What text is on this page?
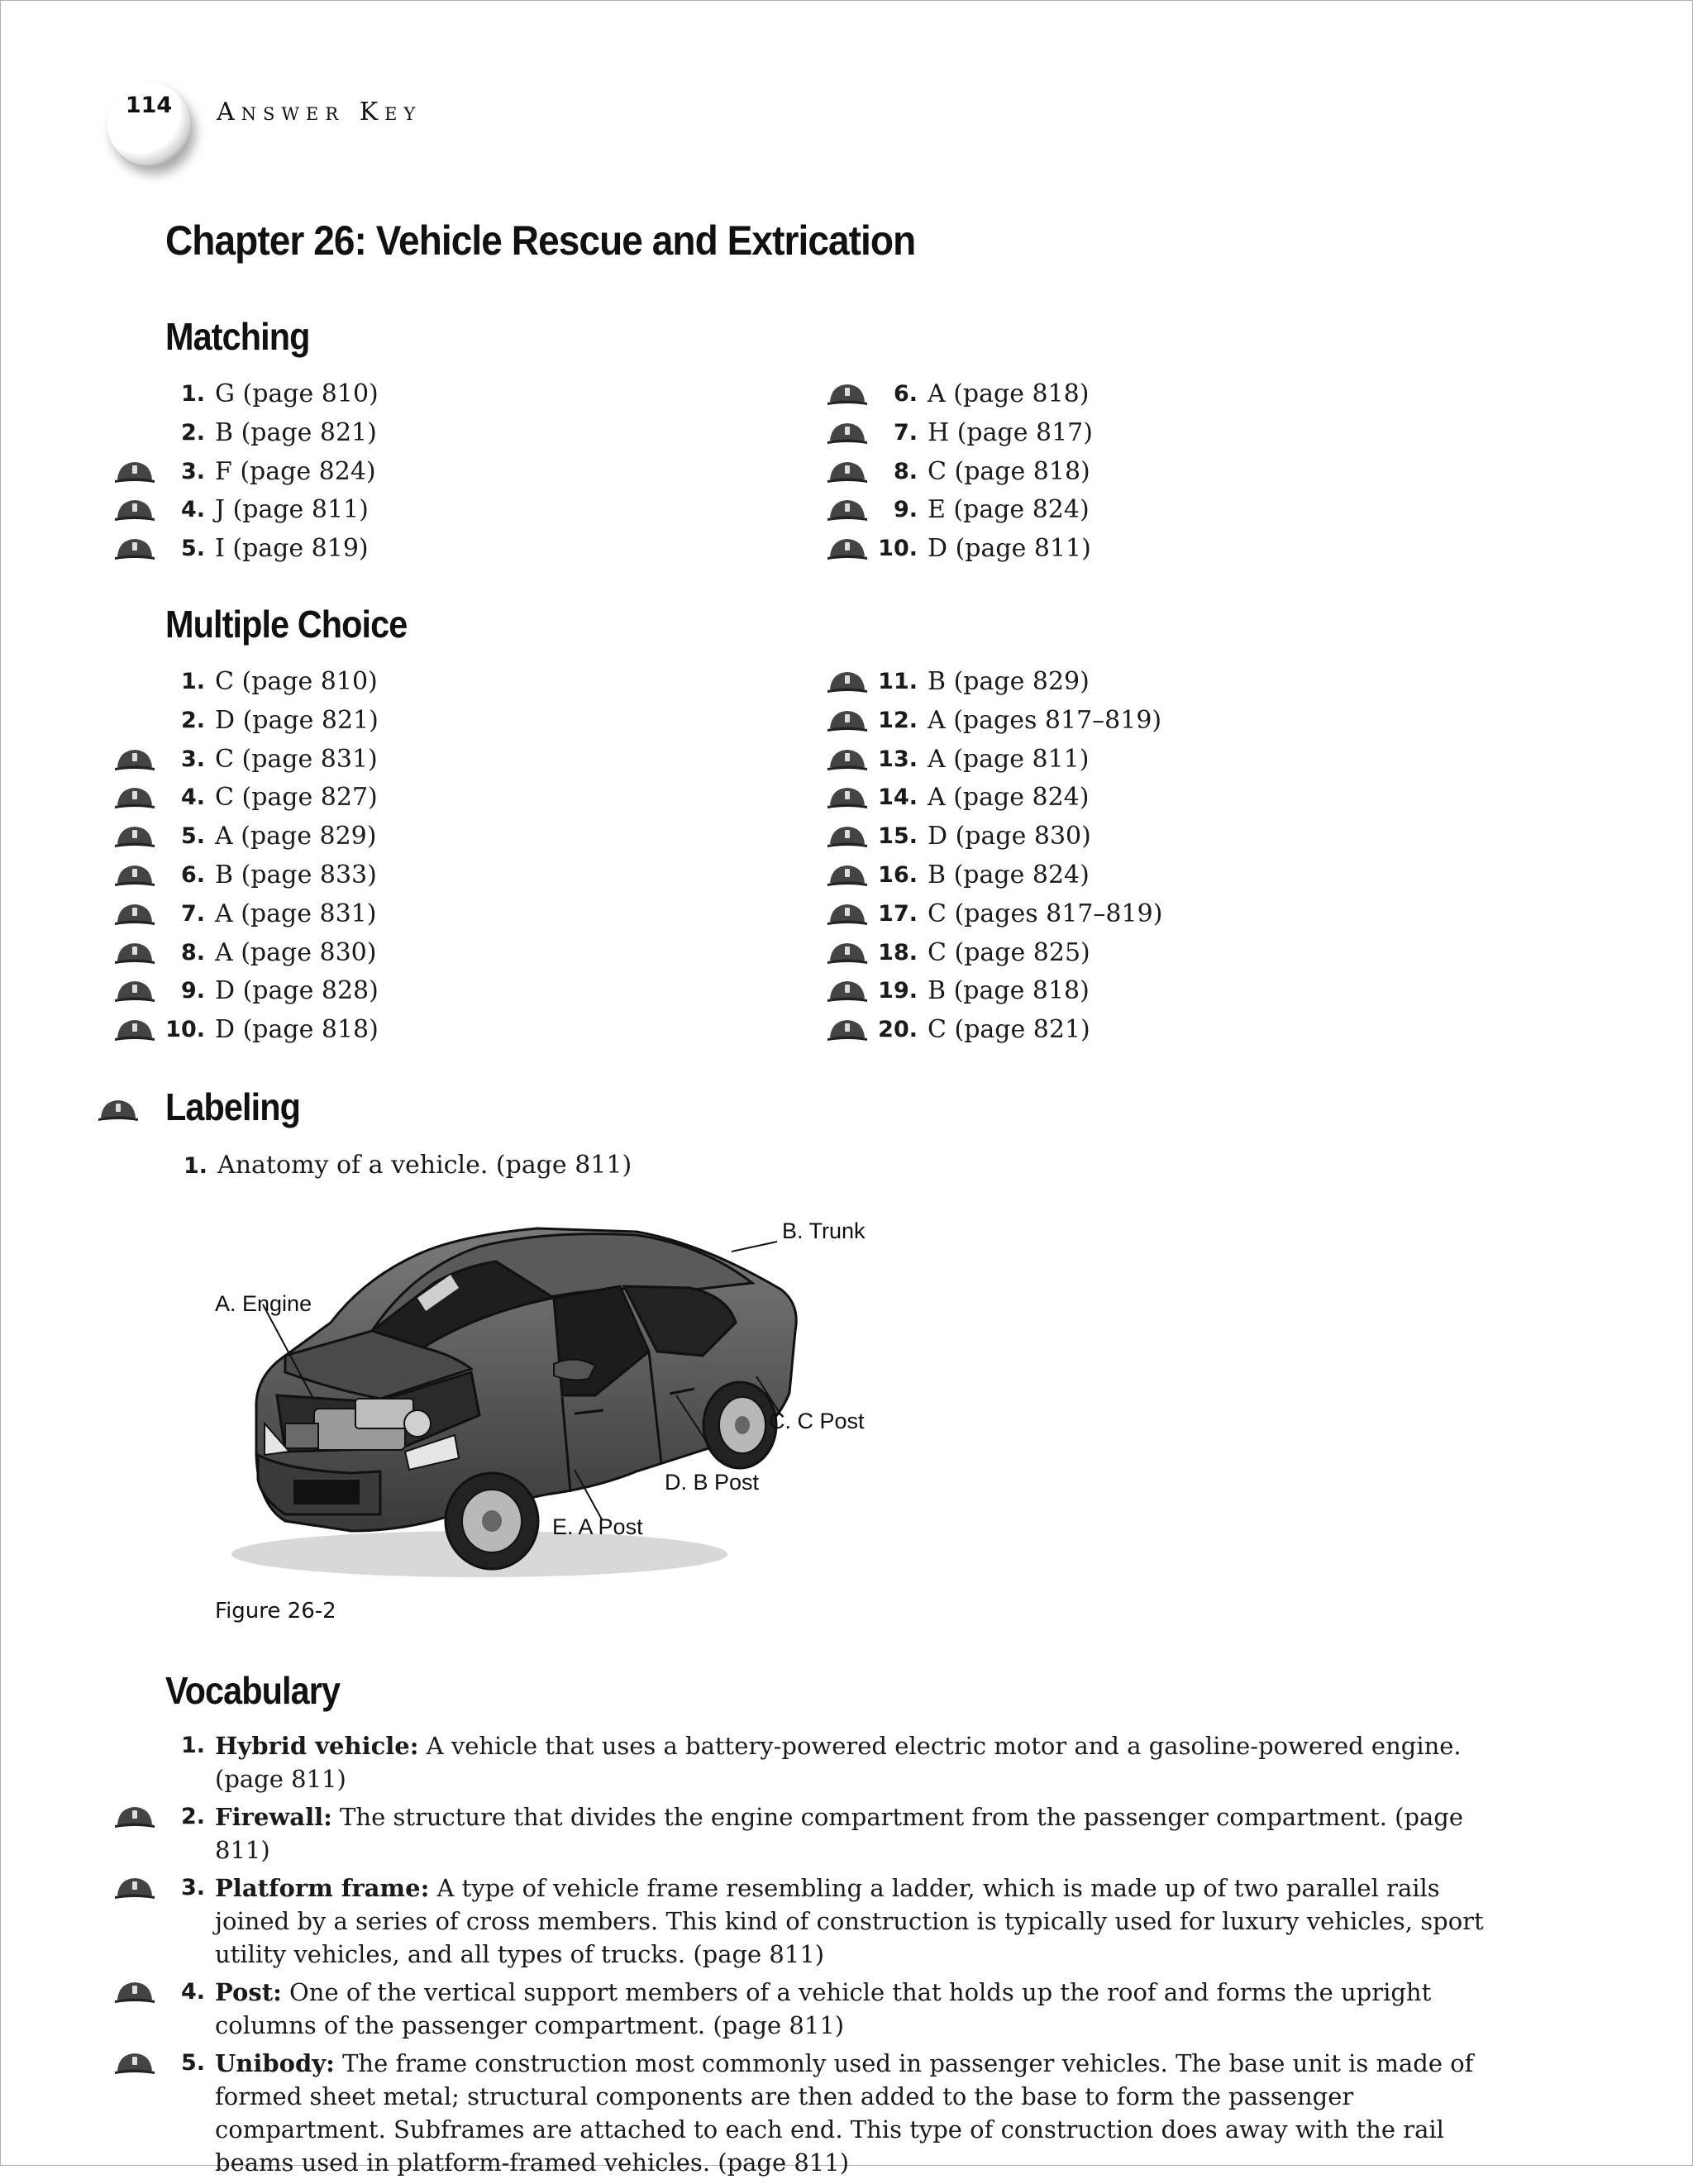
114 Answer Key
Chapter 26: Vehicle Rescue and Extrication
Matching
1. G (page 810)
2. B (page 821)
3. F (page 824)
4. J (page 811)
5. I (page 819)
6. A (page 818)
7. H (page 817)
8. C (page 818)
9. E (page 824)
10. D (page 811)
Multiple Choice
1. C (page 810)
2. D (page 821)
3. C (page 831)
4. C (page 827)
5. A (page 829)
6. B (page 833)
7. A (page 831)
8. A (page 830)
9. D (page 828)
10. D (page 818)
11. B (page 829)
12. A (pages 817–819)
13. A (page 811)
14. A (page 824)
15. D (page 830)
16. B (page 824)
17. C (pages 817–819)
18. C (page 825)
19. B (page 818)
20. C (page 821)
Labeling
1. Anatomy of a vehicle. (page 811)
A. Engine
B. Trunk
C. C Post
D. B Post
E. A Post
Figure 26-2
Vocabulary
1. Hybrid vehicle: A vehicle that uses a battery-powered electric motor and a gasoline-powered engine. (page 811)
2. Firewall: The structure that divides the engine compartment from the passenger compartment. (page 811)
3. Platform frame: A type of vehicle frame resembling a ladder, which is made up of two parallel rails joined by a series of cross members. This kind of construction is typically used for luxury vehicles, sport utility vehicles, and all types of trucks. (page 811)
4. Post: One of the vertical support members of a vehicle that holds up the roof and forms the upright columns of the passenger compartment. (page 811)
5. Unibody: The frame construction most commonly used in passenger vehicles. The base unit is made of formed sheet metal; structural components are then added to the base to form the passenger compartment. Subframes are attached to each end. This type of construction does away with the rail beams used in platform-framed vehicles. (page 811)
